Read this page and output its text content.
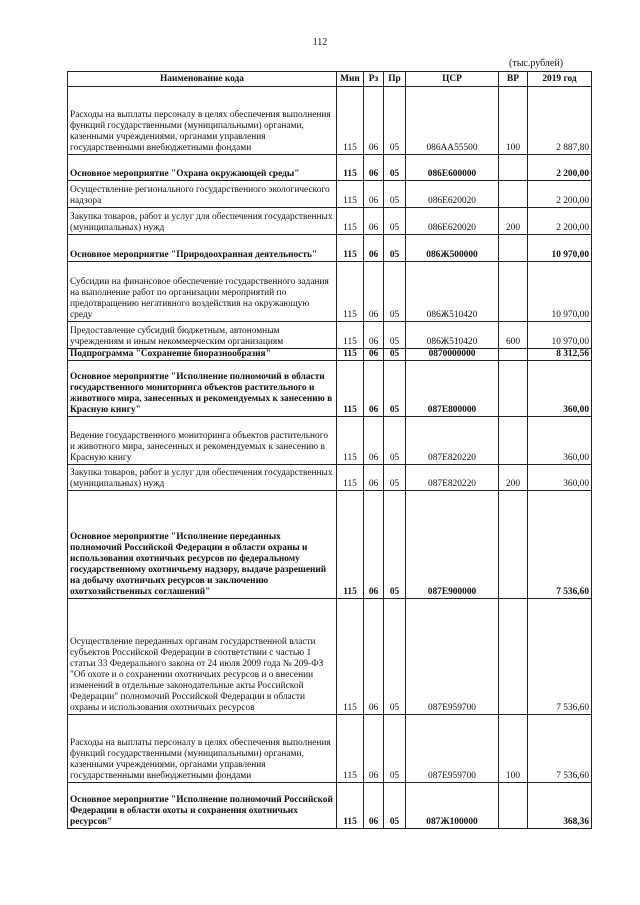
112
(тыс.рублей)
Наименование кода	Мин	Рз	Пр	ЦСР	ВР	2019 год
Расходы на выплаты персоналу в целях обеспечения выполнения функций государственными (муниципальными) органами, казенными учреждениями, органами управления государственными внебюджетными фондами	115	06	05	086АА55500	100	2 887,80
Основное мероприятие "Охрана окружающей среды"	115	06	05	086Е600000		2 200,00
Осуществление регионального государственного экологического надзора	115	06	05	086Е620020		2 200,00
Закупка товаров, работ и услуг для обеспечения государственных (муниципальных) нужд	115	06	05	086Е620020	200	2 200,00
Основное мероприятие "Природоохранная деятельность"	115	06	05	086Ж500000		10 970,00
Субсидии на финансовое обеспечение государственного задания на выполнение работ по организации мероприятий по предотвращению негативного воздействия на окружающую среду	115	06	05	086Ж510420		10 970,00
Предоставление субсидий бюджетным, автономным учреждениям и иным некоммерческим организациям	115	06	05	086Ж510420	600	10 970,00
Подпрограмма "Сохранение биоразнообразия"	115	06	05	0870000000		8 312,56
Основное мероприятие "Исполнение полномочий в области государственного мониторинга объектов растительного и животного мира, занесенных и рекомендуемых к занесению в Красную книгу"	115	06	05	087Е800000		360,00
Ведение государственного мониторинга объектов растительного и животного мира, занесенных и рекомендуемых к занесению в Красную книгу	115	06	05	087Е820220		360,00
Закупка товаров, работ и услуг для обеспечения государственных (муниципальных) нужд	115	06	05	087Е820220	200	360,00
Основное мероприятие "Исполнение переданных полномочий Российской Федерации в области охраны и использования охотничьих ресурсов по федеральному государственному охотничьему надзору, выдаче разрешений на добычу охотничьих ресурсов и заключению охотхозяйственных соглашений"	115	06	05	087Е900000		7 536,60
Осуществление переданных органам государственной власти субъектов Российской Федерации в соответствии с частью 1 статьи 33 Федерального закона от 24 июля 2009 года № 209-ФЗ "Об охоте и о сохранении охотничьих ресурсов и о внесении изменений в отдельные законодательные акты Российской Федерации" полномочий Российской Федерации в области охраны и использования охотничьих ресурсов	115	06	05	087Е959700		7 536,60
Расходы на выплаты персоналу в целях обеспечения выполнения функций государственными (муниципальными) органами, казенными учреждениями, органами управления государственными внебюджетными фондами	115	06	05	087Е959700	100	7 536,60
Основное мероприятие "Исполнение полномочий Российской Федерации в области охоты и сохранения охотничьих ресурсов"	115	06	05	087Ж100000		368,36
